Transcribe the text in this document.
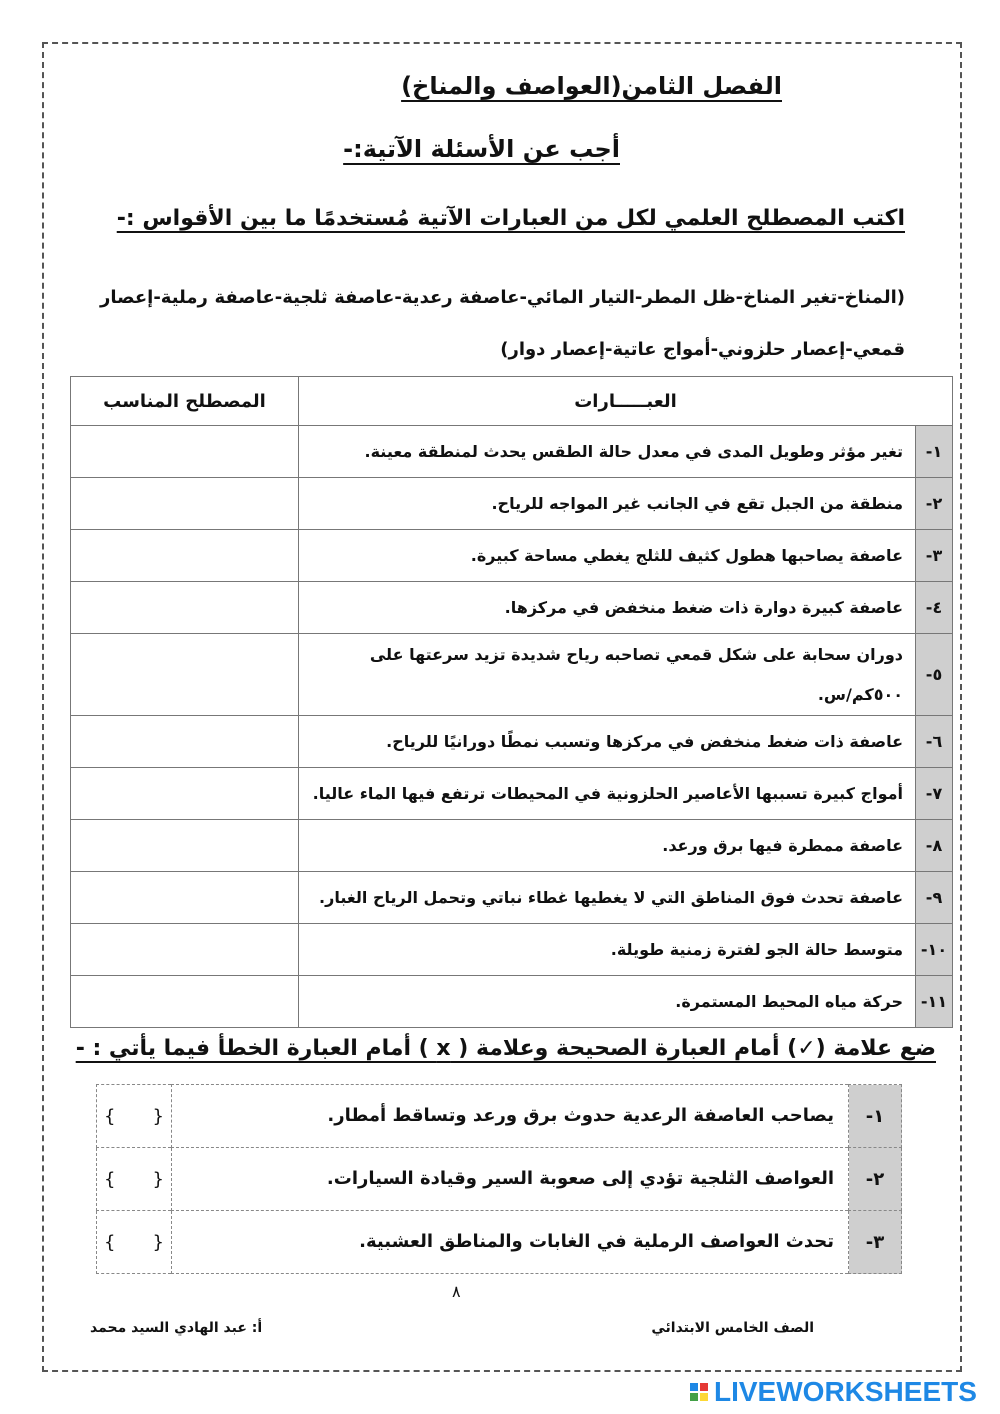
الفصل الثامن(العواصف والمناخ)
أجب عن الأسئلة الآتية:-
اكتب المصطلح العلمي لكل من العبارات الآتية مُستخدمًا ما بين الأقواس :-
(المناخ-تغير المناخ-ظل المطر-التيار المائي-عاصفة رعدية-عاصفة ثلجية-عاصفة رملية-إعصار قمعي-إعصار حلزوني-أمواج عاتية-إعصار دوار)
العبـــــارات		المصطلح المناسب
١-	تغير مؤثر وطويل المدى في معدل حالة الطقس يحدث لمنطقة معينة.	
٢-	منطقة من الجبل تقع في الجانب غير المواجه للرياح.	
٣-	عاصفة يصاحبها هطول كثيف للثلج يغطي مساحة كبيرة.	
٤-	عاصفة كبيرة دوارة ذات ضغط منخفض في مركزها.	
٥-	دوران سحابة على شكل قمعي تصاحبه رياح شديدة تزيد سرعتها على ٥٠٠كم/س.	
٦-	عاصفة ذات ضغط منخفض في مركزها وتسبب نمطًا دورانيًا للرياح.	
٧-	أمواج كبيرة تسببها الأعاصير الحلزونية في المحيطات ترتفع فيها الماء عاليا.	
٨-	عاصفة ممطرة فيها برق ورعد.	
٩-	عاصفة تحدث فوق المناطق التي لا يغطيها غطاء نباتي وتحمل الرياح الغبار.	
١٠-	متوسط حالة الجو لفترة زمنية طويلة.	
١١-	حركة مياه المحيط المستمرة.	
ضع علامة (✓) أمام العبارة الصحيحة وعلامة ( x ) أمام العبارة الخطأ فيما يأتي : -
١-	يصاحب العاصفة الرعدية حدوث برق ورعد وتساقط أمطار.	{ }

٢-	العواصف الثلجية تؤدي إلى صعوبة السير وقيادة السيارات.	{ }

٣-	تحدث العواصف الرملية في الغابات والمناطق العشبية.	{ }
٨
أ: عبد الهادي السيد محمد	الصف الخامس الابتدائي
LIVEWORKSHEETS
